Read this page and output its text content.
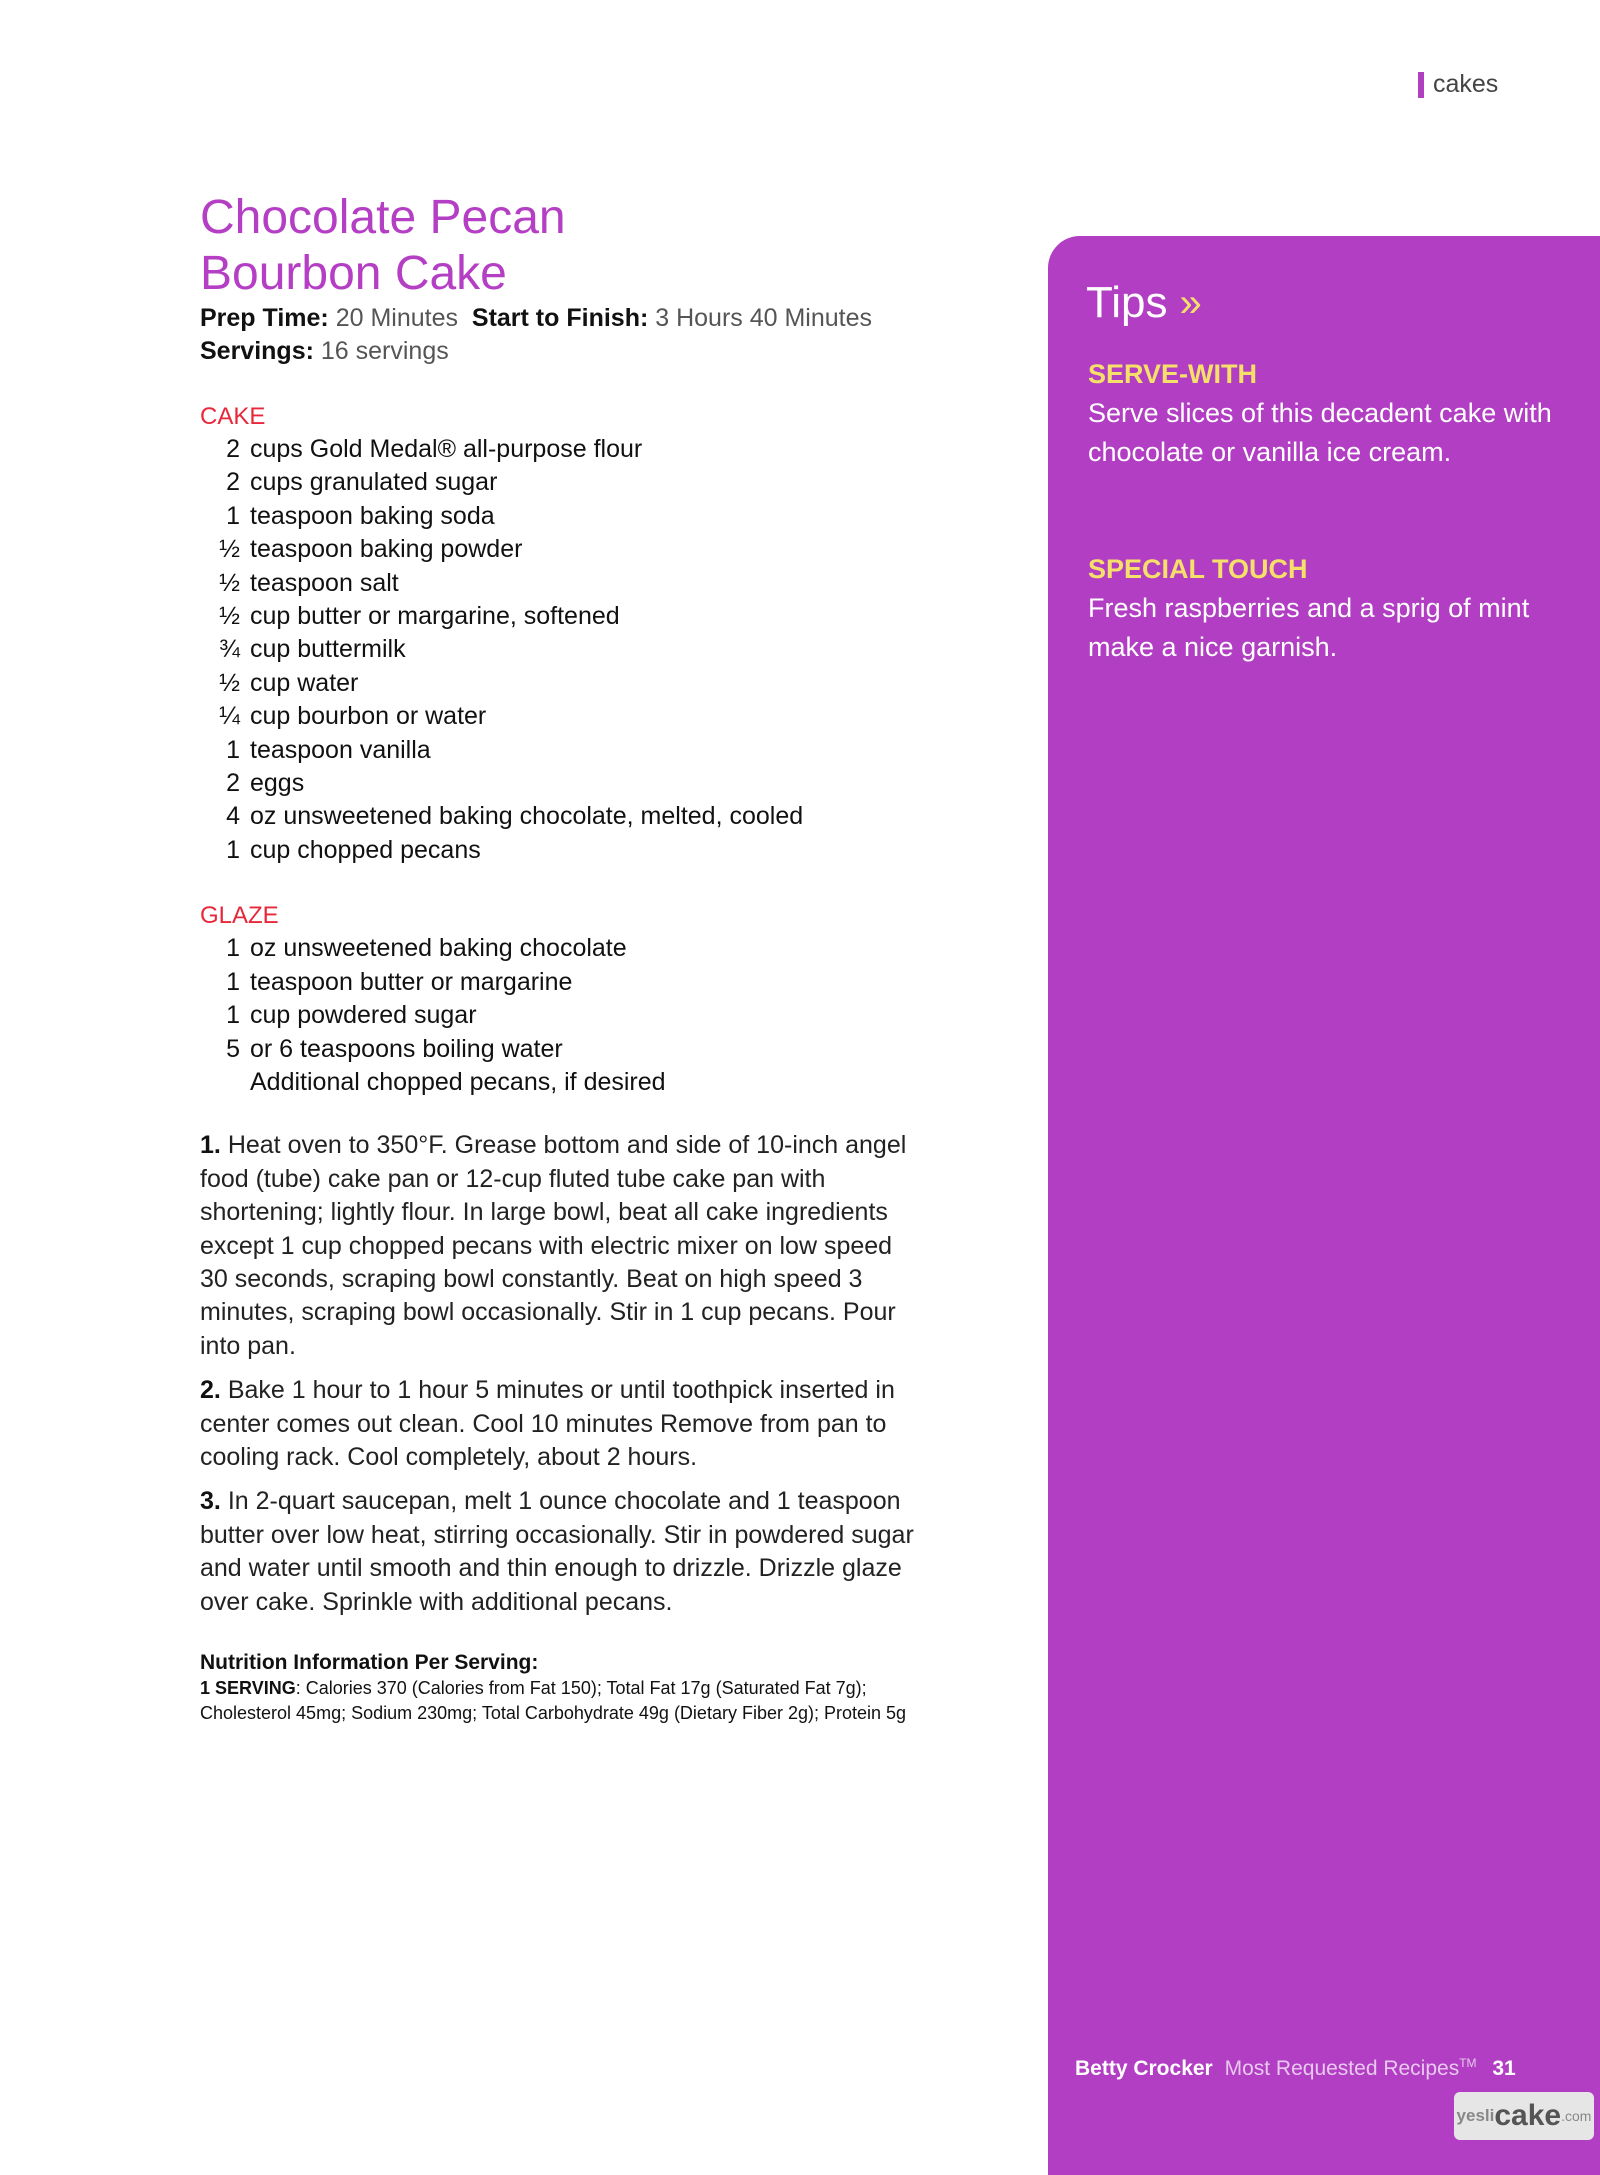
cakes
Chocolate Pecan
Bourbon Cake
Prep Time: 20 Minutes Start to Finish: 3 Hours 40 Minutes
Servings: 16 servings
CAKE
2 cups Gold Medal® all-purpose flour
2 cups granulated sugar
1 teaspoon baking soda
½ teaspoon baking powder
½ teaspoon salt
½ cup butter or margarine, softened
¾ cup buttermilk
½ cup water
¼ cup bourbon or water
1 teaspoon vanilla
2 eggs
4 oz unsweetened baking chocolate, melted, cooled
1 cup chopped pecans
GLAZE
1 oz unsweetened baking chocolate
1 teaspoon butter or margarine
1 cup powdered sugar
5 or 6 teaspoons boiling water
Additional chopped pecans, if desired

1. Heat oven to 350°F. Grease bottom and side of 10-inch angel food (tube) cake pan or 12-cup fluted tube cake pan with shortening; lightly flour. In large bowl, beat all cake ingredients except 1 cup chopped pecans with electric mixer on low speed 30 seconds, scraping bowl constantly. Beat on high speed 3 minutes, scraping bowl occasionally. Stir in 1 cup pecans. Pour into pan.

2. Bake 1 hour to 1 hour 5 minutes or until toothpick inserted in center comes out clean. Cool 10 minutes Remove from pan to cooling rack. Cool completely, about 2 hours.

3. In 2-quart saucepan, melt 1 ounce chocolate and 1 teaspoon butter over low heat, stirring occasionally. Stir in powdered sugar and water until smooth and thin enough to drizzle. Drizzle glaze over cake. Sprinkle with additional pecans.

Nutrition Information Per Serving:

1 SERVING: Calories 370 (Calories from Fat 150); Total Fat 17g (Saturated Fat 7g); Cholesterol 45mg; Sodium 230mg; Total Carbohydrate 49g (Dietary Fiber 2g); Protein 5g

Tips »

SERVE-WITH

Serve slices of this decadent cake with chocolate or vanilla ice cream.

SPECIAL TOUCH

Fresh raspberries and a sprig of mint make a nice garnish.

Betty Crocker Most Requested Recipes™ 31
yesli cake .com
